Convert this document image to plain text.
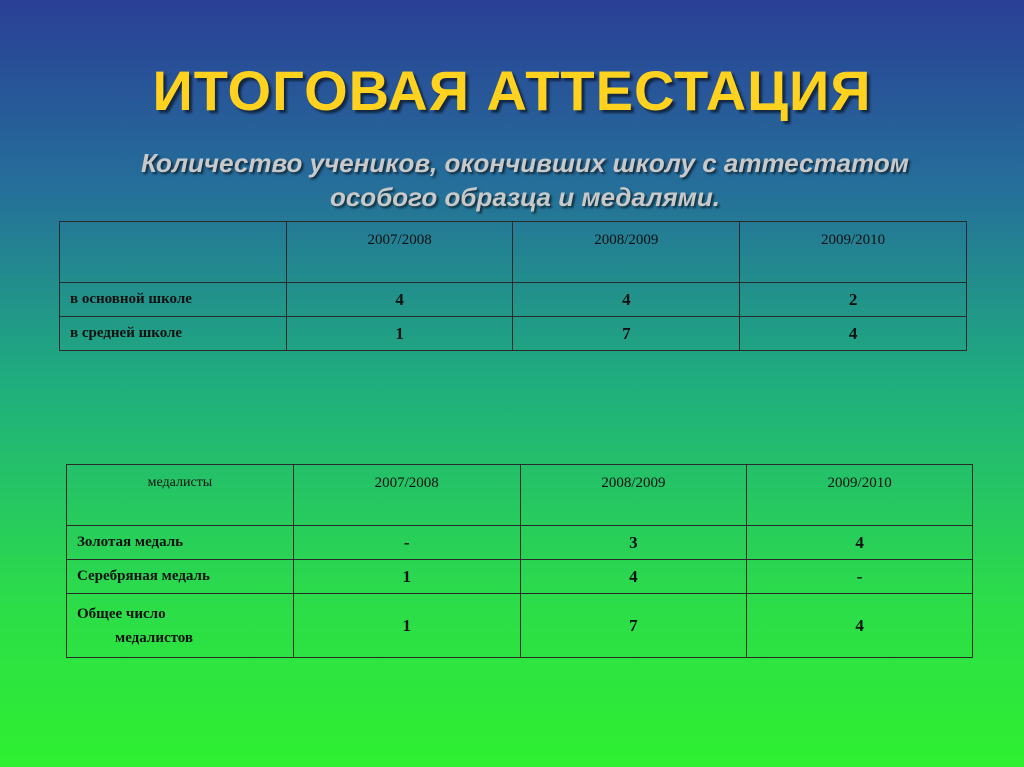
ИТОГОВАЯ АТТЕСТАЦИЯ
Количество учеников, окончивших школу с аттестатом
особого образца и медалями.
	2007/2008	2008/2009	2009/2010
в основной школе	4	4	2
в средней школе	1	7	4
медалисты	2007/2008	2008/2009	2009/2010
Золотая медаль	-	3	4
Серебряная медаль	1	4	-

Общее число
медалистов	1	7	4
